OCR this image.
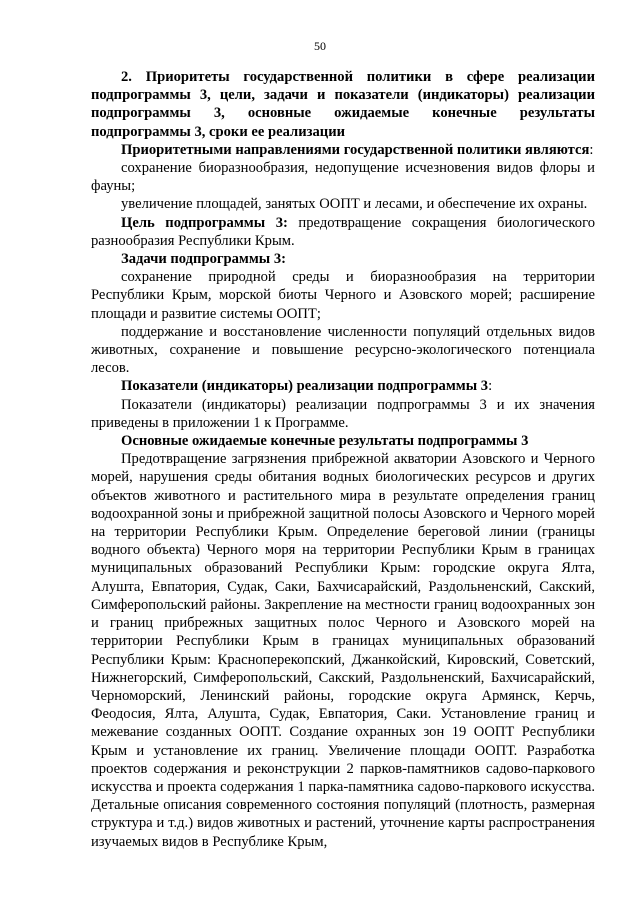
50

2. Приоритеты государственной политики в сфере реализации подпрограммы 3, цели, задачи и показатели (индикаторы) реализации подпрограммы 3, основные ожидаемые конечные результаты подпрограммы 3, сроки ее реализации

Приоритетными направлениями государственной политики являются:

сохранение биоразнообразия, недопущение исчезновения видов флоры и фауны;

увеличение площадей, занятых ООПТ и лесами, и обеспечение их охраны.

Цель подпрограммы 3: предотвращение сокращения биологического разнообразия Республики Крым.

Задачи подпрограммы 3:

сохранение природной среды и биоразнообразия на территории Республики Крым, морской биоты Черного и Азовского морей; расширение площади и развитие системы ООПТ;

поддержание и восстановление численности популяций отдельных видов животных, сохранение и повышение ресурсно-экологического потенциала лесов.

Показатели (индикаторы) реализации подпрограммы 3:

Показатели (индикаторы) реализации подпрограммы 3 и их значения приведены в приложении 1 к Программе.

Основные ожидаемые конечные результаты подпрограммы 3

Предотвращение загрязнения прибрежной акватории Азовского и Черного морей, нарушения среды обитания водных биологических ресурсов и других объектов животного и растительного мира в результате определения границ водоохранной зоны и прибрежной защитной полосы Азовского и Черного морей на территории Республики Крым. Определение береговой линии (границы водного объекта) Черного моря на территории Республики Крым в границах муниципальных образований Республики Крым: городские округа Ялта, Алушта, Евпатория, Судак, Саки, Бахчисарайский, Раздольненский, Сакский, Симферопольский районы. Закрепление на местности границ водоохранных зон и границ прибрежных защитных полос Черного и Азовского морей на территории Республики Крым в границах муниципальных образований Республики Крым: Красноперекопский, Джанкойский, Кировский, Советский, Нижнегорский, Симферопольский, Сакский, Раздольненский, Бахчисарайский, Черноморский, Ленинский районы, городские округа Армянск, Керчь, Феодосия, Ялта, Алушта, Судак, Евпатория, Саки. Установление границ и межевание созданных ООПТ. Создание охранных зон 19 ООПТ Республики Крым и установление их границ. Увеличение площади ООПТ. Разработка проектов содержания и реконструкции 2 парков-памятников садово-паркового искусства и проекта содержания 1 парка-памятника садово-паркового искусства. Детальные описания современного состояния популяций (плотность, размерная структура и т.д.) видов животных и растений, уточнение карты распространения изучаемых видов в Республике Крым,
